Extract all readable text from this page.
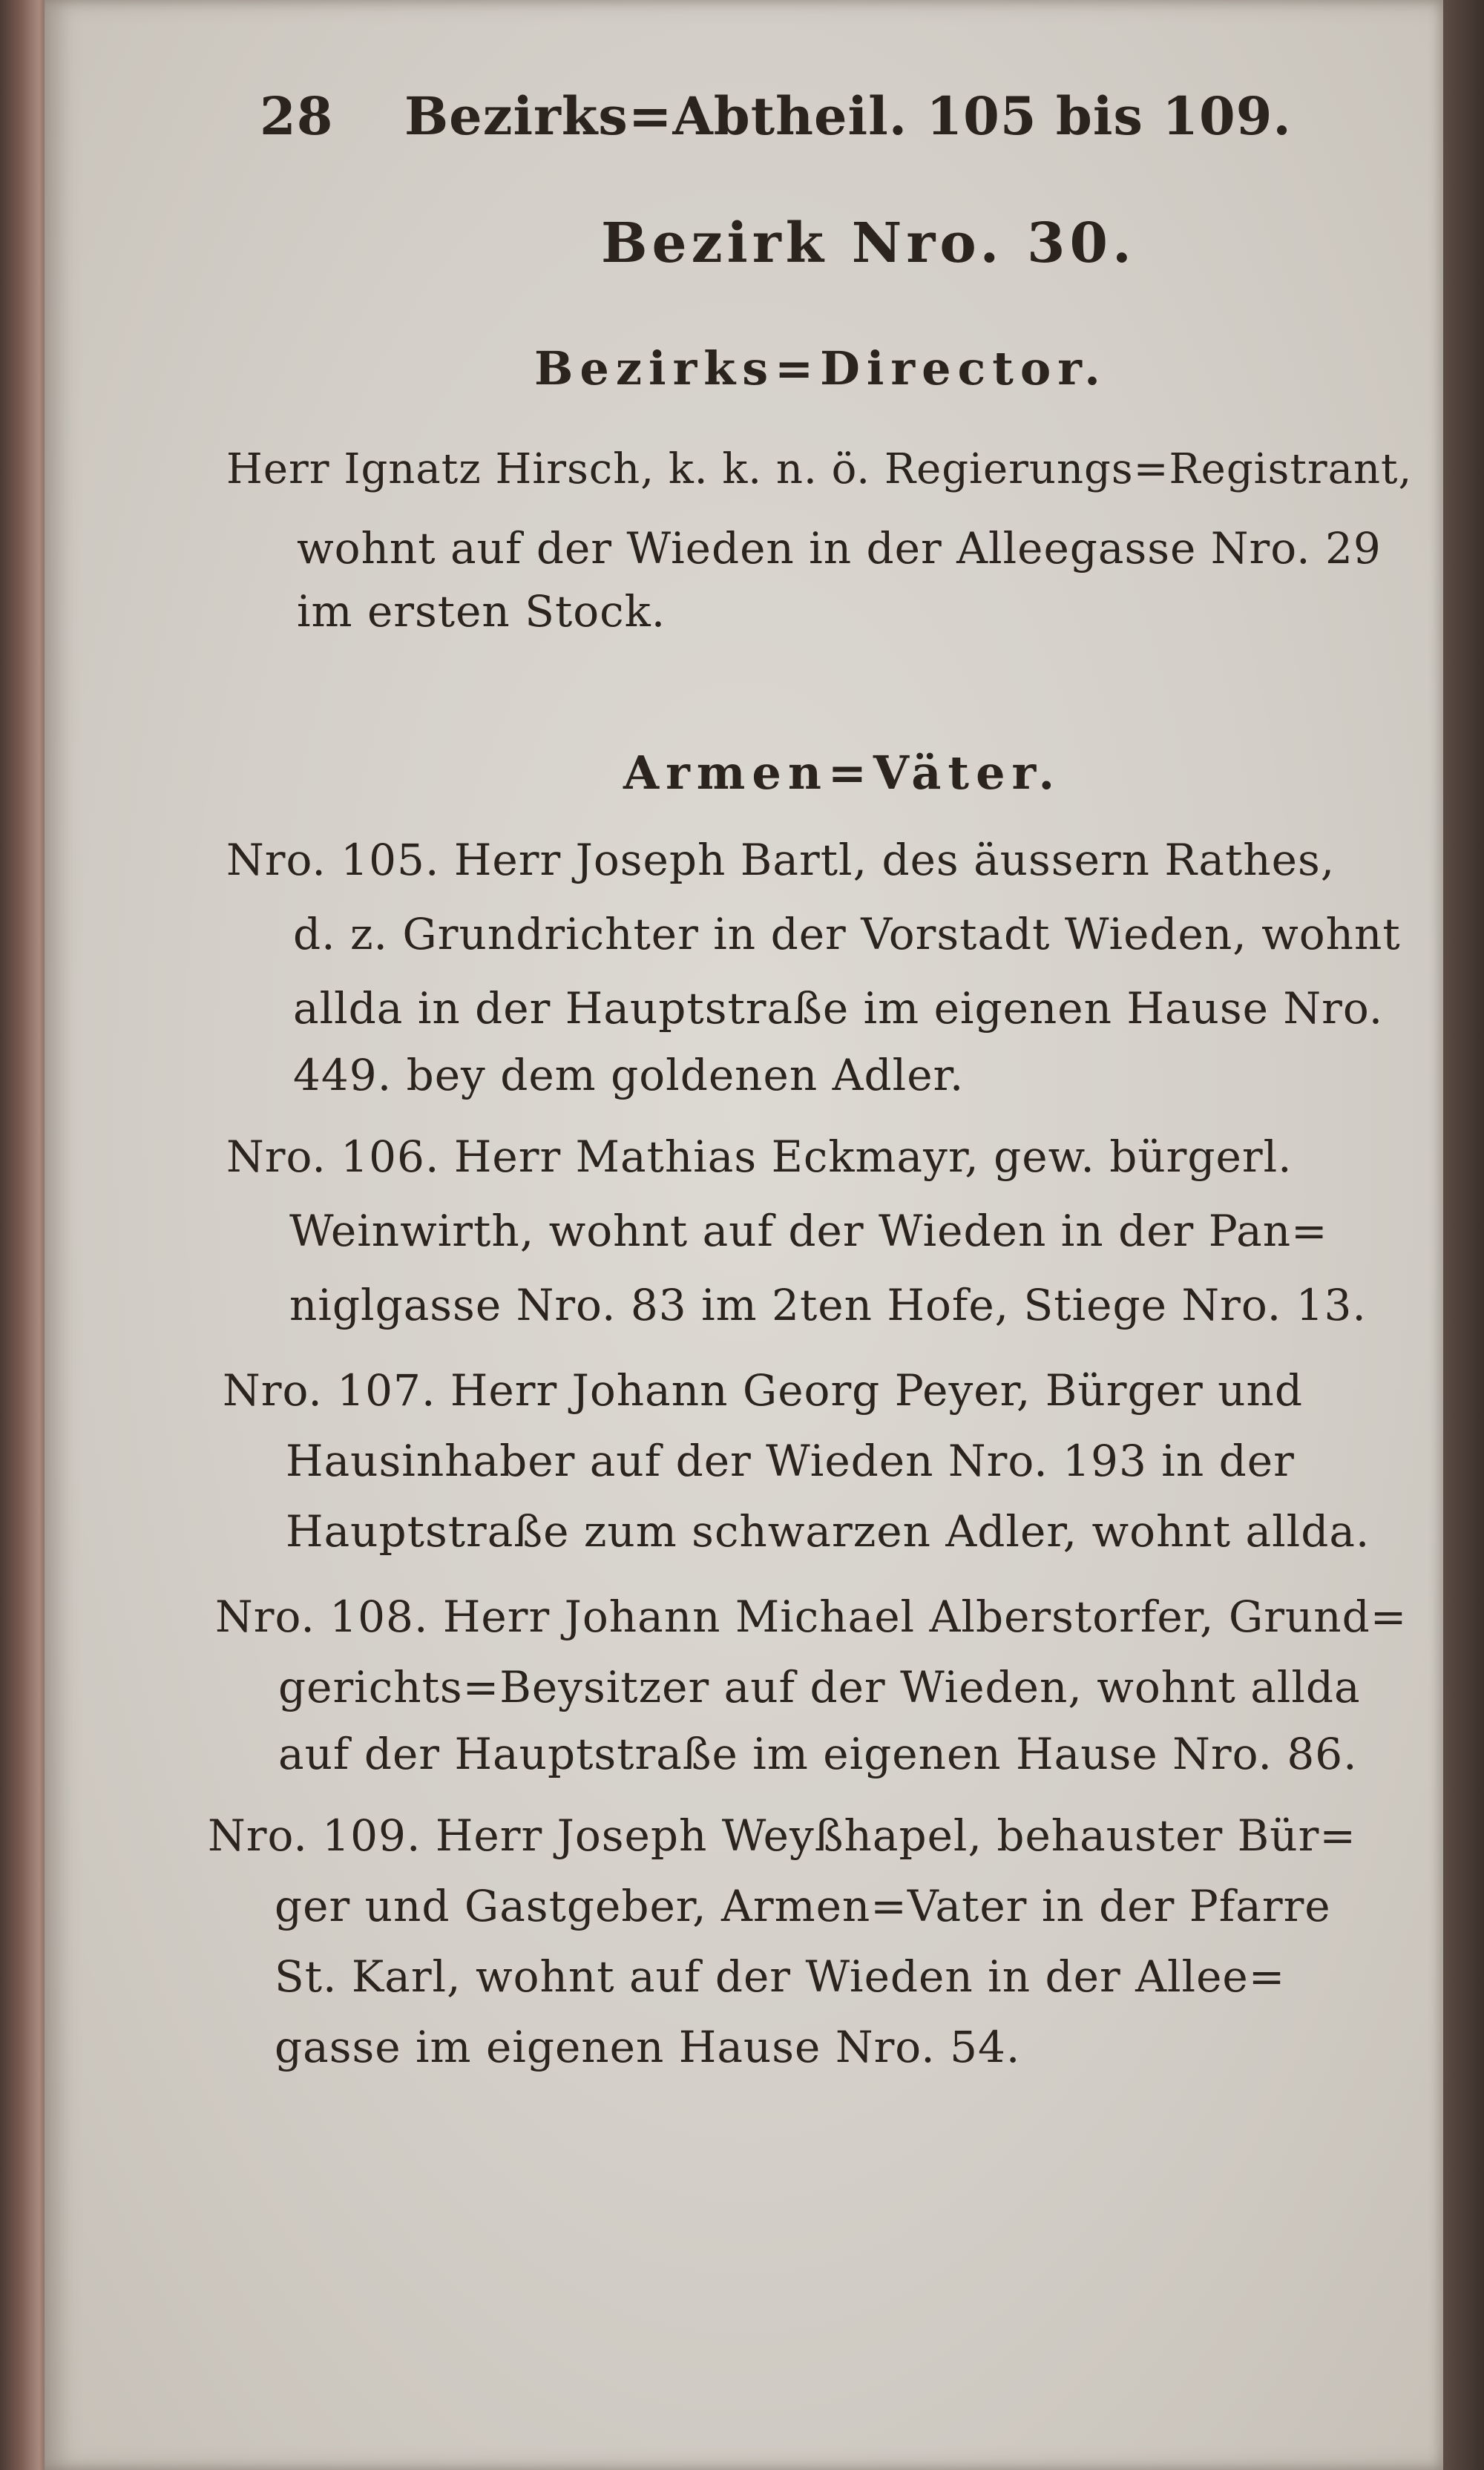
28 Bezirks=Abtheil. 105 bis 109.
Bezirk Nro. 30.
Bezirks=Director.
Herr Ignatz Hirsch, k. k. n. ö. Regierungs=Registrant,
wohnt auf der Wieden in der Alleegasse Nro. 29
im ersten Stock.
Armen=Väter.
Nro. 105. Herr Joseph Bartl, des äussern Rathes,
d. z. Grundrichter in der Vorstadt Wieden, wohnt
allda in der Hauptstraße im eigenen Hause Nro.
449. bey dem goldenen Adler.
Nro. 106. Herr Mathias Eckmayr, gew. bürgerl.
Weinwirth, wohnt auf der Wieden in der Pan=
niglgasse Nro. 83 im 2ten Hofe, Stiege Nro. 13.
Nro. 107. Herr Johann Georg Peyer, Bürger und
Hausinhaber auf der Wieden Nro. 193 in der
Hauptstraße zum schwarzen Adler, wohnt allda.
Nro. 108. Herr Johann Michael Alberstorfer, Grund=
gerichts=Beysitzer auf der Wieden, wohnt allda
auf der Hauptstraße im eigenen Hause Nro. 86.
Nro. 109. Herr Joseph Weyßhapel, behauster Bür=
ger und Gastgeber, Armen=Vater in der Pfarre
St. Karl, wohnt auf der Wieden in der Allee=
gasse im eigenen Hause Nro. 54.
